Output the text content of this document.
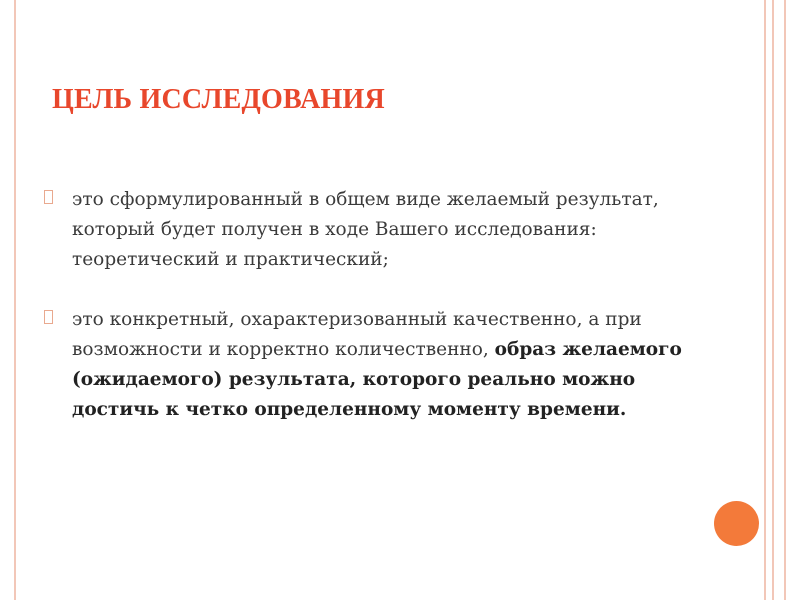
ЦЕЛЬ ИССЛЕДОВАНИЯ
это сформулированный в общем виде желаемый результат, который будет получен в ходе Вашего исследования: теоретический и практический;
это конкретный, охарактеризованный качественно, а при возможности и корректно количественно, образ желаемого (ожидаемого) результата, которого реально можно достичь к четко определенному моменту времени.
